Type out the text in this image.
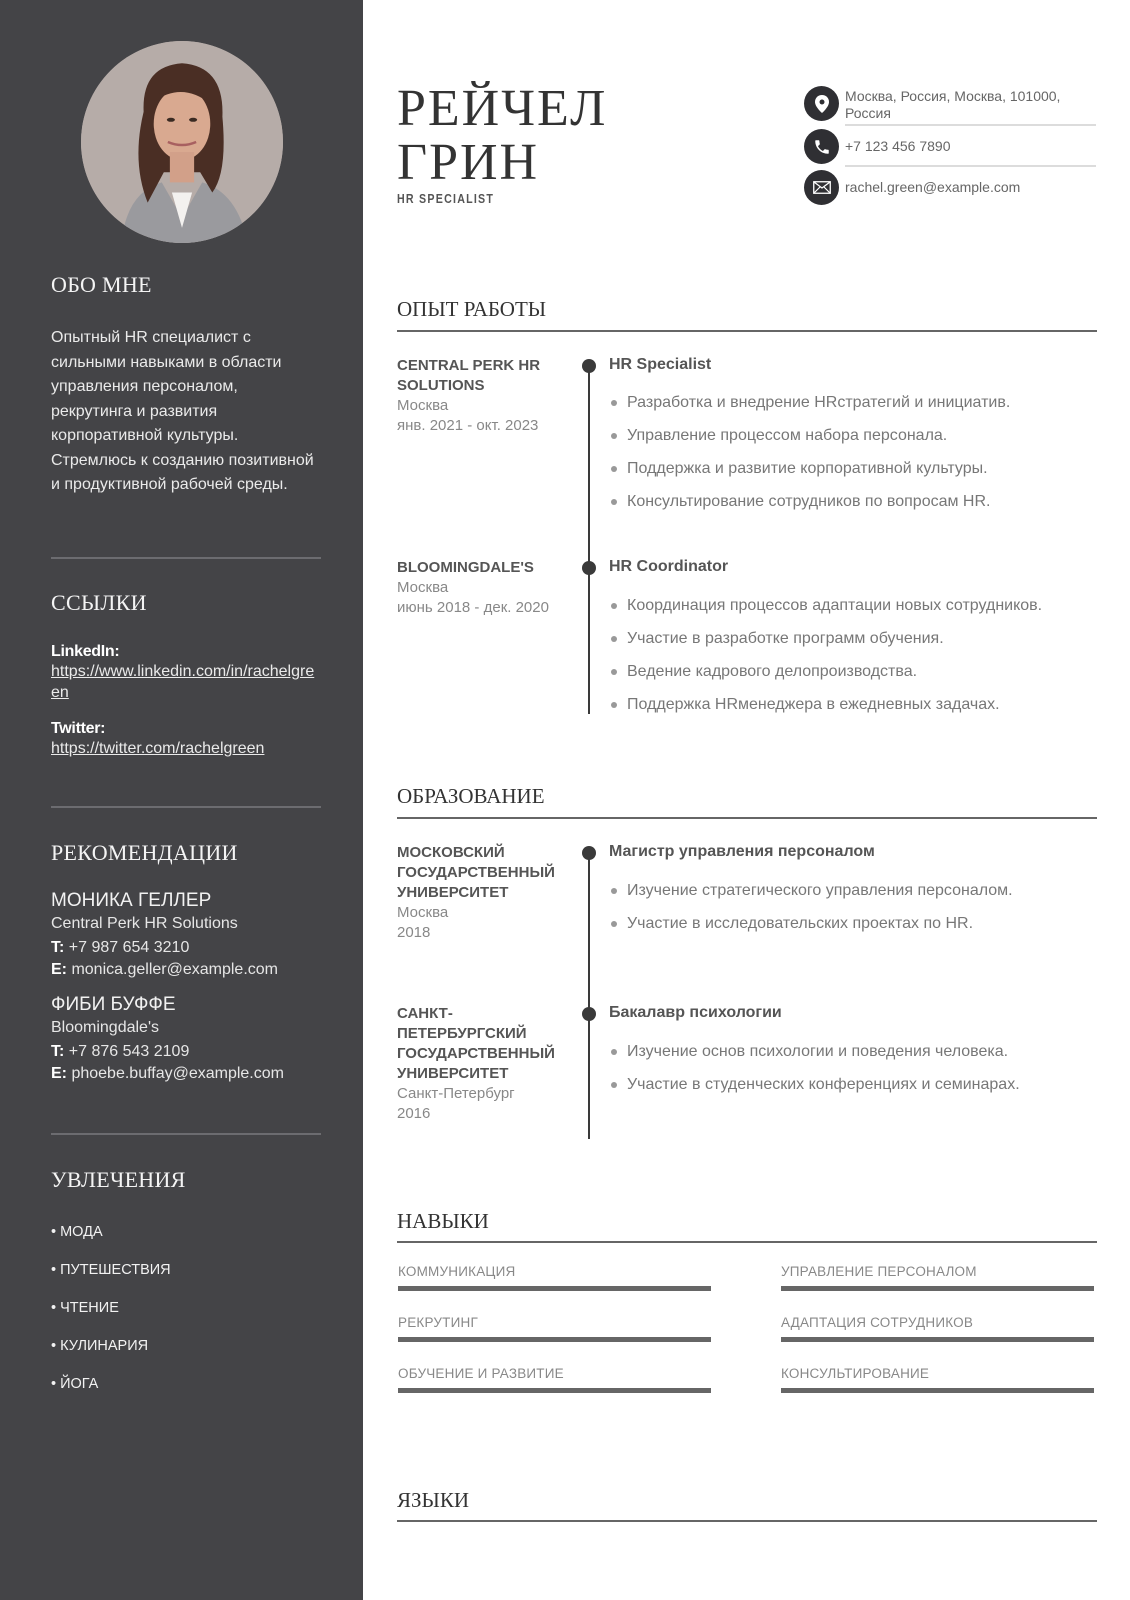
ОБО МНЕ

Опытный HR специалист с сильными навыками в области управления персоналом, рекрутинга и развития корпоративной культуры. Стремлюсь к созданию позитивной и продуктивной рабочей среды.

ССЫЛКИ
LinkedIn:
https://www.linkedin.com/in/rachelgreen
Twitter:
https://twitter.com/rachelgreen
РЕКОМЕНДАЦИИ
МОНИКА ГЕЛЛЕР
Central Perk HR Solutions
T: +7 987 654 3210
E: monica.geller@example.com
ФИБИ БУФФЕ
Bloomingdale's
T: +7 876 543 2109
E: phoebe.buffay@example.com
УВЛЕЧЕНИЯ
• МОДА
• ПУТЕШЕСТВИЯ
• ЧТЕНИЕ
• КУЛИНАРИЯ
• ЙОГА
РЕЙЧЕЛ
ГРИН
HR SPECIALIST
Москва, Россия, Москва, 101000, Россия
+7 123 456 7890
rachel.green@example.com
ОПЫТ РАБОТЫ
CENTRAL PERK HR SOLUTIONS
Москва
янв. 2021 - окт. 2023
HR Specialist
Разработка и внедрение HRстратегий и инициатив.
Управление процессом набора персонала.
Поддержка и развитие корпоративной культуры.
Консультирование сотрудников по вопросам HR.
BLOOMINGDALE'S
Москва
июнь 2018 - дек. 2020
HR Coordinator
Координация процессов адаптации новых сотрудников.
Участие в разработке программ обучения.
Ведение кадрового делопроизводства.
Поддержка HRменеджера в ежедневных задачах.
ОБРАЗОВАНИЕ
МОСКОВСКИЙ ГОСУДАРСТВЕННЫЙ УНИВЕРСИТЕТ
Москва
2018
Магистр управления персоналом
Изучение стратегического управления персоналом.
Участие в исследовательских проектах по HR.
САНКТ-ПЕТЕРБУРГСКИЙ ГОСУДАРСТВЕННЫЙ УНИВЕРСИТЕТ
Санкт-Петербург
2016
Бакалавр психологии
Изучение основ психологии и поведения человека.
Участие в студенческих конференциях и семинарах.
НАВЫКИ
КОММУНИКАЦИЯ	УПРАВЛЕНИЕ ПЕРСОНАЛОМ
РЕКРУТИНГ	АДАПТАЦИЯ СОТРУДНИКОВ
ОБУЧЕНИЕ И РАЗВИТИЕ	КОНСУЛЬТИРОВАНИЕ
ЯЗЫКИ
